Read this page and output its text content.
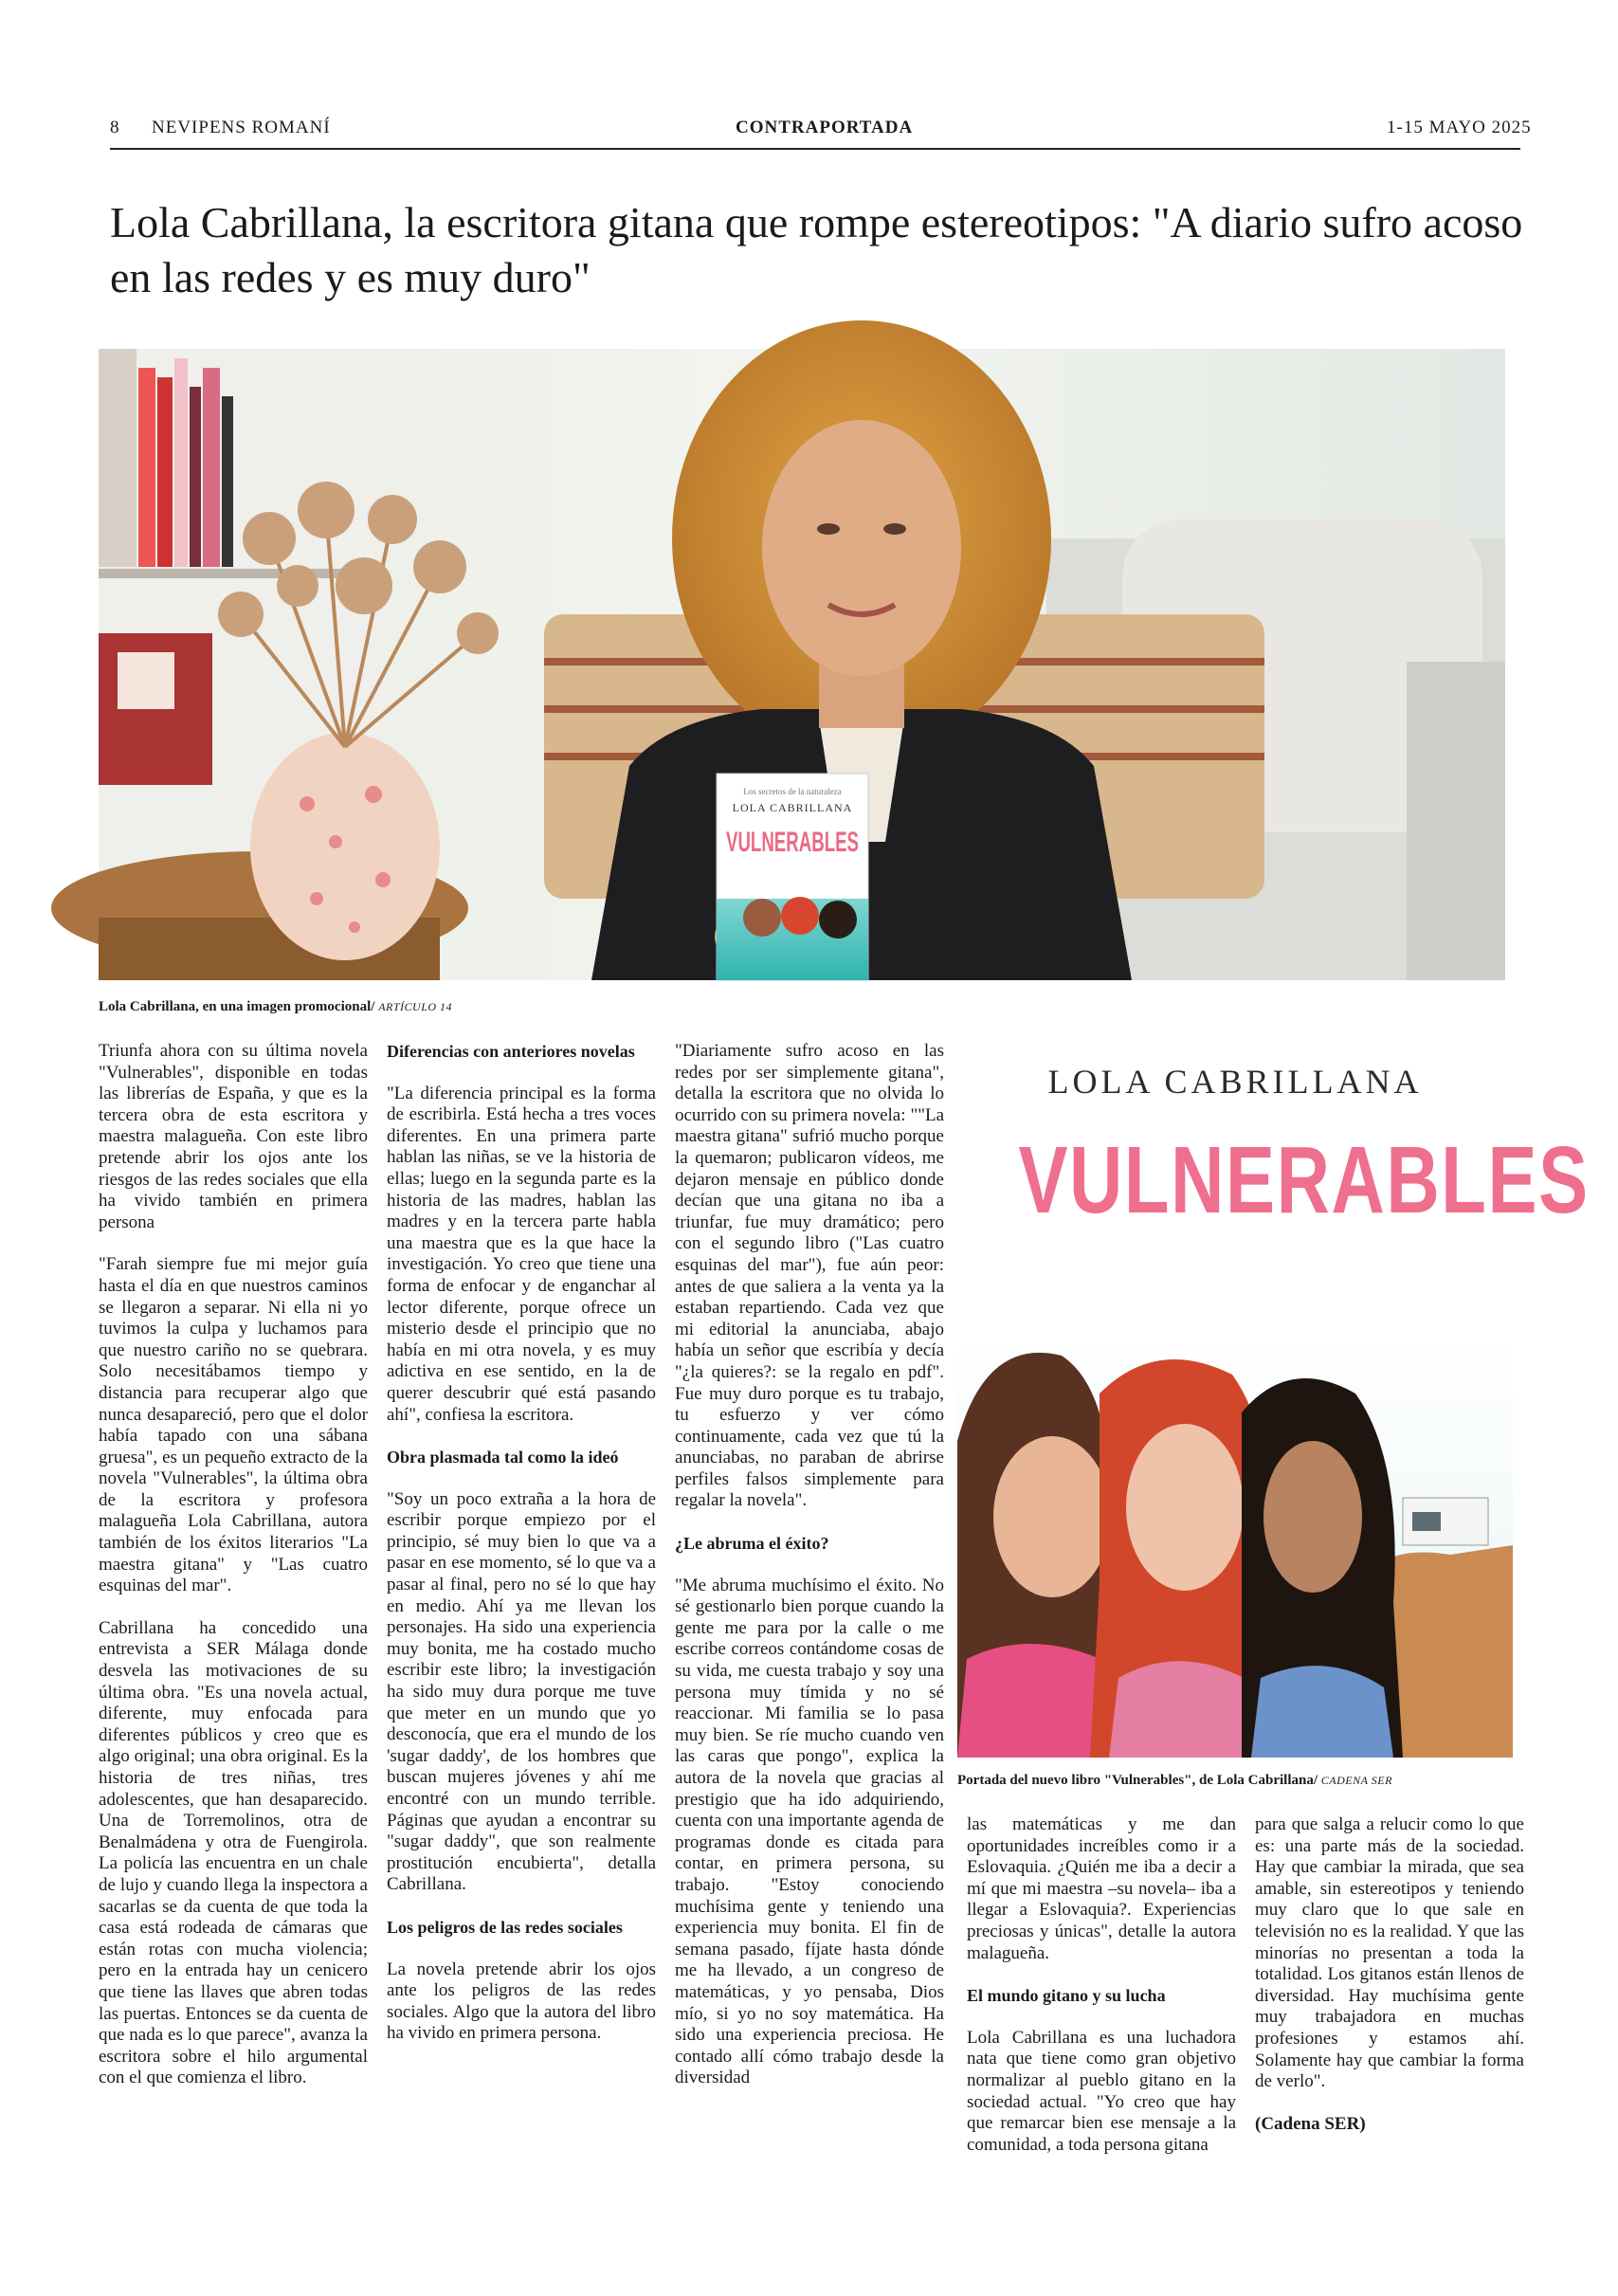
8 NEVIPENS ROMANÍ	CONTRAPORTADA	1-15 MAYO 2025
Lola Cabrillana, la escritora gitana que rompe estereotipos: "A diario sufro acoso en las redes y es muy duro"
Los secretos de la naturaleza
LOLA CABRILLANA
VULNERABLES
Lola Cabrillana, en una imagen promocional/ ARTÍCULO 14

Triunfa ahora con su última novela "Vulnerables", disponible en todas las librerías de España, y que es la tercera obra de esta escritora y maestra malagueña. Con este libro pretende abrir los ojos ante los riesgos de las redes sociales que ella ha vivido también en primera persona

"Farah siempre fue mi mejor guía hasta el día en que nuestros caminos se llegaron a separar. Ni ella ni yo tuvimos la culpa y luchamos para que nuestro cariño no se quebrara. Solo necesitábamos tiempo y distancia para recuperar algo que nunca desapareció, pero que el dolor había tapado con una sábana gruesa", es un pequeño extracto de la novela "Vulnerables", la última obra de la escritora y profesora malagueña Lola Cabrillana, autora también de los éxitos literarios "La maestra gitana" y "Las cuatro esquinas del mar".

Cabrillana ha concedido una entrevista a SER Málaga donde desvela las motivaciones de su última obra. "Es una novela actual, diferente, muy enfocada para diferentes públicos y creo que es algo original; una obra original. Es la historia de tres niñas, tres adolescentes, que han desaparecido. Una de Torremolinos, otra de Benalmádena y otra de Fuengirola. La policía las encuentra en un chale de lujo y cuando llega la inspectora a sacarlas se da cuenta de que toda la casa está rodeada de cámaras que están rotas con mucha violencia; pero en la entrada hay un cenicero que tiene las llaves que abren todas las puertas. Entonces se da cuenta de que nada es lo que parece", avanza la escritora sobre el hilo argumental con el que comienza el libro.

Diferencias con anteriores novelas

"La diferencia principal es la forma de escribirla. Está hecha a tres voces diferentes. En una primera parte hablan las niñas, se ve la historia de ellas; luego en la segunda parte es la historia de las madres, hablan las madres y en la tercera parte habla una maestra que es la que hace la investigación. Yo creo que tiene una forma de enfocar y de enganchar al lector diferente, porque ofrece un misterio desde el principio que no había en mi otra novela, y es muy adictiva en ese sentido, en la de querer descubrir qué está pasando ahí", confiesa la escritora.

Obra plasmada tal como la ideó

"Soy un poco extraña a la hora de escribir porque empiezo por el principio, sé muy bien lo que va a pasar en ese momento, sé lo que va a pasar al final, pero no sé lo que hay en medio. Ahí ya me llevan los personajes. Ha sido una experiencia muy bonita, me ha costado mucho escribir este libro; la investigación ha sido muy dura porque me tuve que meter en un mundo que yo desconocía, que era el mundo de los 'sugar daddy', de los hombres que buscan mujeres jóvenes y ahí me encontré con un mundo terrible. Páginas que ayudan a encontrar su "sugar daddy", que son realmente prostitución encubierta", detalla Cabrillana.

Los peligros de las redes sociales

La novela pretende abrir los ojos ante los peligros de las redes sociales. Algo que la autora del libro ha vivido en primera persona.

"Diariamente sufro acoso en las redes por ser simplemente gitana", detalla la escritora que no olvida lo ocurrido con su primera novela: ""La maestra gitana" sufrió mucho porque la quemaron; publicaron vídeos, me dejaron mensaje en público donde decían que una gitana no iba a triunfar, fue muy dramático; pero con el segundo libro ("Las cuatro esquinas del mar"), fue aún peor: antes de que saliera a la venta ya la estaban repartiendo. Cada vez que mi editorial la anunciaba, abajo había un señor que escribía y decía "¿la quieres?: se la regalo en pdf". Fue muy duro porque es tu trabajo, tu esfuerzo y ver cómo continuamente, cada vez que tú la anunciabas, no paraban de abrirse perfiles falsos simplemente para regalar la novela".

¿Le abruma el éxito?

"Me abruma muchísimo el éxito. No sé gestionarlo bien porque cuando la gente me para por la calle o me escribe correos contándome cosas de su vida, me cuesta trabajo y soy una persona muy tímida y no sé reaccionar. Mi familia se lo pasa muy bien. Se ríe mucho cuando ven las caras que pongo", explica la autora de la novela que gracias al prestigio que ha ido adquiriendo, cuenta con una importante agenda de programas donde es citada para contar, en primera persona, su trabajo. "Estoy conociendo muchísima gente y teniendo una experiencia muy bonita. El fin de semana pasado, fíjate hasta dónde me ha llevado, a un congreso de matemáticas, y yo pensaba, Dios mío, si yo no soy matemática. Ha sido una experiencia preciosa. He contado allí cómo trabajo desde la diversidad

LOLA CABRILLANA
VULNERABLES
Portada del nuevo libro "Vulnerables", de Lola Cabrillana/ CADENA SER

las matemáticas y me dan oportunidades increíbles como ir a Eslovaquia. ¿Quién me iba a decir a mí que mi maestra –su novela– iba a llegar a Eslovaquia?. Experiencias preciosas y únicas", detalle la autora malagueña.

El mundo gitano y su lucha

Lola Cabrillana es una luchadora nata que tiene como gran objetivo normalizar al pueblo gitano en la sociedad actual. "Yo creo que hay que remarcar bien ese mensaje a la comunidad, a toda persona gitana

para que salga a relucir como lo que es: una parte más de la sociedad. Hay que cambiar la mirada, que sea amable, sin estereotipos y teniendo muy claro que lo que sale en televisión no es la realidad. Y que las minorías no presentan a toda la totalidad. Los gitanos están llenos de diversidad. Hay muchísima gente muy trabajadora en muchas profesiones y estamos ahí. Solamente hay que cambiar la forma de verlo".

(Cadena SER)
